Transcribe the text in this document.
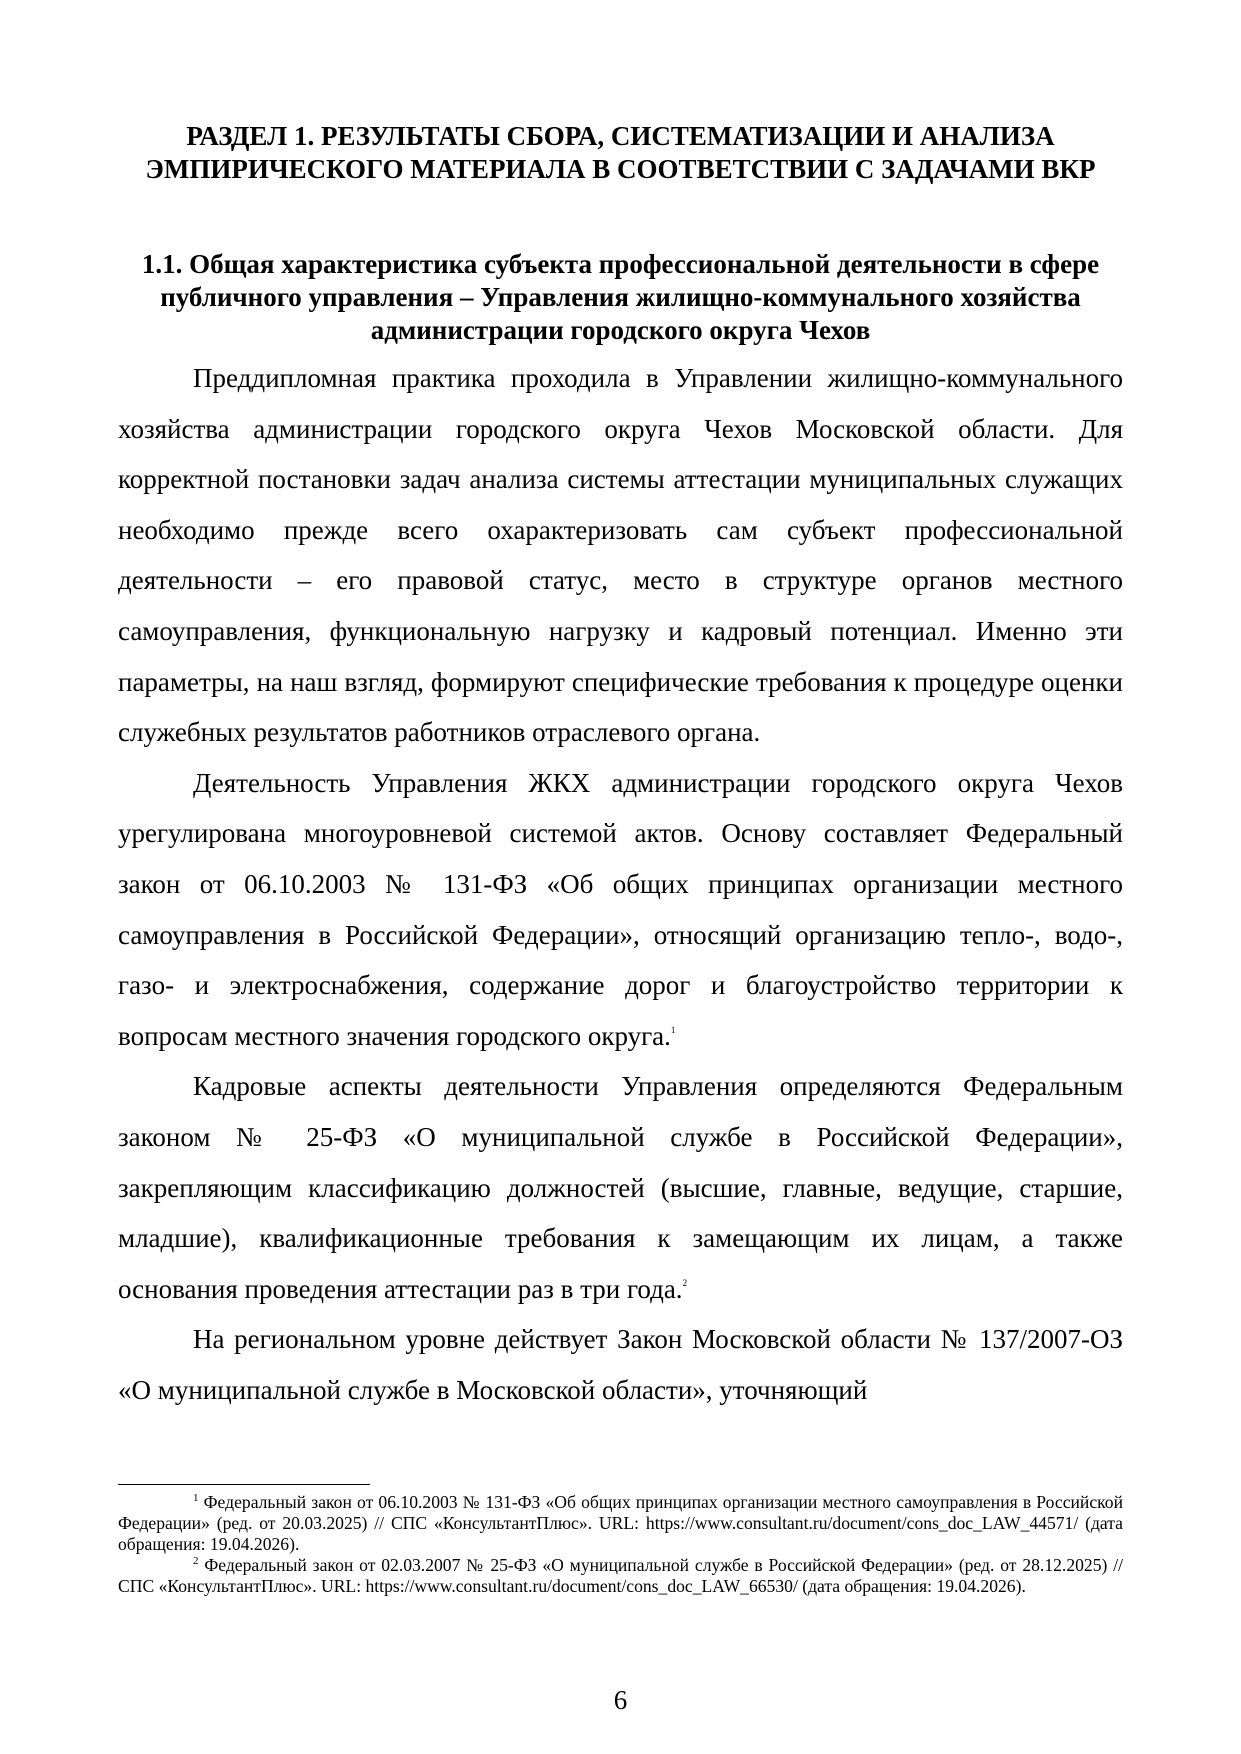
РАЗДЕЛ 1. РЕЗУЛЬТАТЫ СБОРА, СИСТЕМАТИЗАЦИИ И АНАЛИЗА ЭМПИРИЧЕСКОГО МАТЕРИАЛА В СООТВЕТСТВИИ С ЗАДАЧАМИ ВКР
1.1. Общая характеристика субъекта профессиональной деятельности в сфере публичного управления – Управления жилищно-коммунального хозяйства администрации городского округа Чехов

Преддипломная практика проходила в Управлении жилищно-коммунального хозяйства администрации городского округа Чехов Московской области. Для корректной постановки задач анализа системы аттестации муниципальных служащих необходимо прежде всего охарактеризовать сам субъект профессиональной деятельности – его правовой статус, место в структуре органов местного самоуправления, функциональную нагрузку и кадровый потенциал. Именно эти параметры, на наш взгляд, формируют специфические требования к процедуре оценки служебных результатов работников отраслевого органа.

Деятельность Управления ЖКХ администрации городского округа Чехов урегулирована многоуровневой системой актов. Основу составляет Федеральный закон от 06.10.2003 № 131-ФЗ «Об общих принципах организации местного самоуправления в Российской Федерации», относящий организацию тепло-, водо-, газо- и электроснабжения, содержание дорог и благоустройство территории к вопросам местного значения городского округа.$^1$

Кадровые аспекты деятельности Управления определяются Федеральным законом № 25-ФЗ «О муниципальной службе в Российской Федерации», закрепляющим классификацию должностей (высшие, главные, ведущие, старшие, младшие), квалификационные требования к замещающим их лицам, а также основания проведения аттестации раз в три года.$^2$

На региональном уровне действует Закон Московской области № 137/2007-ОЗ «О муниципальной службе в Московской области», уточняющий

$^1$ Федеральный закон от 06.10.2003 № 131-ФЗ «Об общих принципах организации местного самоуправления в Российской Федерации» (ред. от 20.03.2025) // СПС «КонсультантПлюс». URL: https://www.consultant.ru/document/cons_doc_LAW_44571/ (дата обращения: 19.04.2026).

$^2$ Федеральный закон от 02.03.2007 № 25-ФЗ «О муниципальной службе в Российской Федерации» (ред. от 28.12.2025) // СПС «КонсультантПлюс». URL: https://www.consultant.ru/document/cons_doc_LAW_66530/ (дата обращения: 19.04.2026).

6
